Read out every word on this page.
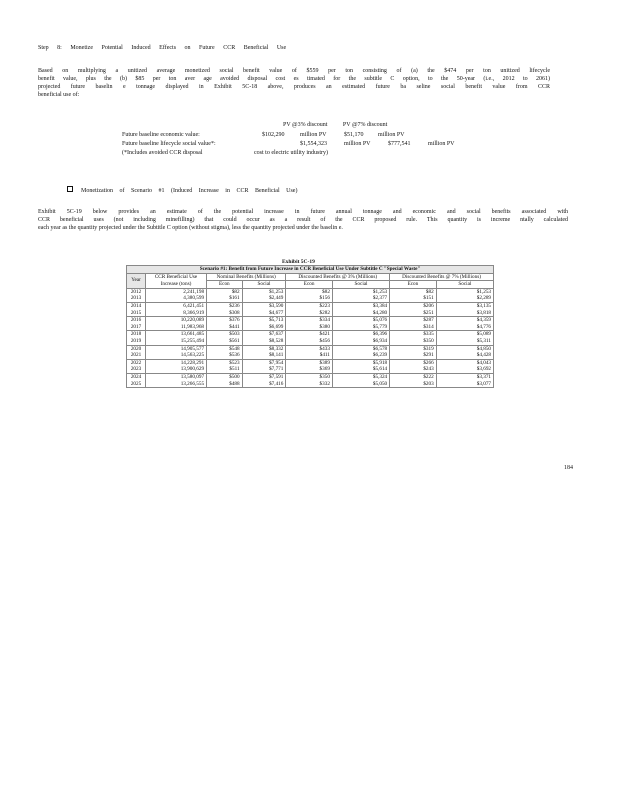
Step 8: Monetize Potential Induced Effects on Future CCR Beneficial Use
Based on multiplying a unitized average monetized social benefit value of $559 per ton consisting of (a) the $474 per ton unitized lifecycle
benefit value, plus the (b) $85 per ton aver age avoided disposal cost es timated for the subtitle C option, to the 50-year (i.e., 2012 to 2061)
projected future baselin e tonnage displayed in Exhibit 5C-18 above, produces an estimated future ba seline social benefit value from CCR
beneficial use of:
PV @3% discount	PV @7% discount
Future baseline economic value:	$102,290	million PV	$51,170 million PV
Future baseline lifecycle social value*:	$1,554,323	million PV	$777,541	million PV
(*Includes avoided CCR disposal	cost to electric utility industry)
Monetization of Scenario #1 (Induced Increase in CCR Beneficial Use)
Exhibit 5C-19 below provides an estimate of the potential increase in future annual tonnage and economic and social benefits associated with
CCR beneficial uses (not including minefilling) that could occur as a result of the CCR proposed rule. This quantity is increme ntally calculated
each year as the quantity projected under the Subtitle C option (without stigma), less the quantity projected under the baselin e.
Exhibit 5C-19
Scenario #1: Benefit from Future Increase in CCR Beneficial Use Under Subtitle C "Special Waste"							
Year	CCR Beneficial Use Increase (tons)	Nominal Benefits (Millions)		Discounted Benefits @ 3% (Millions)		Discounted Benefits @ 7% (Millions)	
		Econ	Social	Econ	Social	Econ	Social
2012	2,241,198	$82	$1,253	$82	$1,253	$82	$1,253
2013	4,380,599	$161	$2,449	$156	$2,377	$151	$2,289
2014	6,421,451	$236	$3,590	$223	$3,384	$206	$3,135
2015	8,366,919	$308	$4,677	$282	$4,280	$251	$3,818
2016	10,220,089	$376	$5,713	$334	$5,076	$287	$4,359
2017	11,983,968	$441	$6,699	$380	$5,779	$314	$4,776
2018	13,661,485	$503	$7,637	$421	$6,396	$335	$5,089
2019	15,255,494	$561	$8,528	$456	$6,934	$350	$5,311
2020	14,905,577	$548	$8,332	$433	$6,578	$319	$4,850
2021	14,563,225	$536	$8,141	$411	$6,239	$291	$4,428
2022	14,228,291	$523	$7,954	$389	$5,918	$266	$4,043
2023	13,900,629	$511	$7,771	$369	$5,614	$243	$3,692
2024	13,580,097	$500	$7,591	$350	$5,324	$222	$3,371
2025	13,266,555	$488	$7,416	$332	$5,050	$203	$3,077
184
